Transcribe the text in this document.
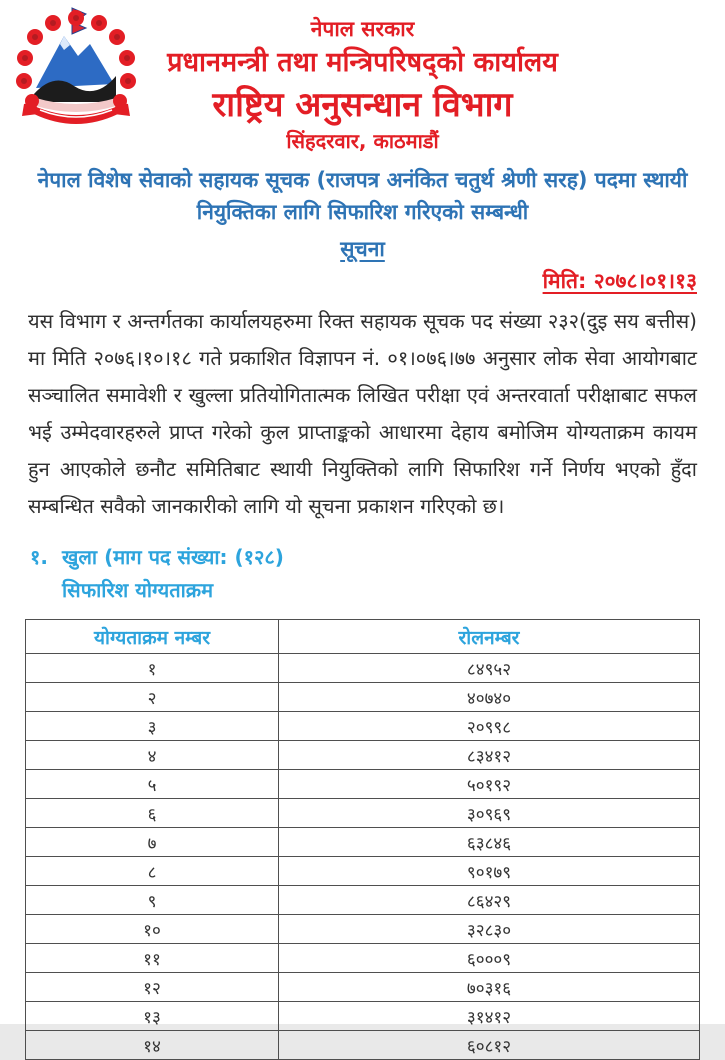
नेपाल सरकार
प्रधानमन्त्री तथा मन्त्रिपरिषद्को कार्यालय
राष्ट्रिय अनुसन्धान विभाग
सिंहदरवार, काठमाडौं
नेपाल विशेष सेवाको सहायक सूचक (राजपत्र अनंकित चतुर्थ श्रेणी सरह) पदमा स्थायी
नियुक्तिका लागि सिफारिश गरिएको सम्बन्धी
सूचना
मिति: २०७८।०१।१३

यस विभाग र अन्तर्गतका कार्यालयहरुमा रिक्त सहायक सूचक पद संख्या २३२(दुइ सय बत्तीस) मा मिति २०७६।१०।१८ गते प्रकाशित विज्ञापन नं. ०१।०७६।७७ अनुसार लोक सेवा आयोगबाट सञ्चालित समावेशी र खुल्ला प्रतियोगितात्मक लिखित परीक्षा एवं अन्तरवार्ता परीक्षाबाट सफल भई उम्मेदवारहरुले प्राप्त गरेको कुल प्राप्ताङ्कको आधारमा देहाय बमोजिम योग्यताक्रम कायम हुन आएकोले छनौट समितिबाट स्थायी नियुक्तिको लागि सिफारिश गर्ने निर्णय भएको हुँदा सम्बन्धित सवैको जानकारीको लागि यो सूचना प्रकाशन गरिएको छ।

१. खुला (माग पद संख्या: (१२८)
सिफारिश योग्यताक्रम
योग्यताक्रम नम्बर	रोलनम्बर
१	८४९५२
२	४०७४०
३	२०९९८
४	८३४१२
५	५०१९२
६	३०९६९
७	६३८४६
८	९०१७९
९	८६४२९
१०	३२८३०
११	६०००९
१२	७०३१६
१३	३१४१२
१४	६०८१२
